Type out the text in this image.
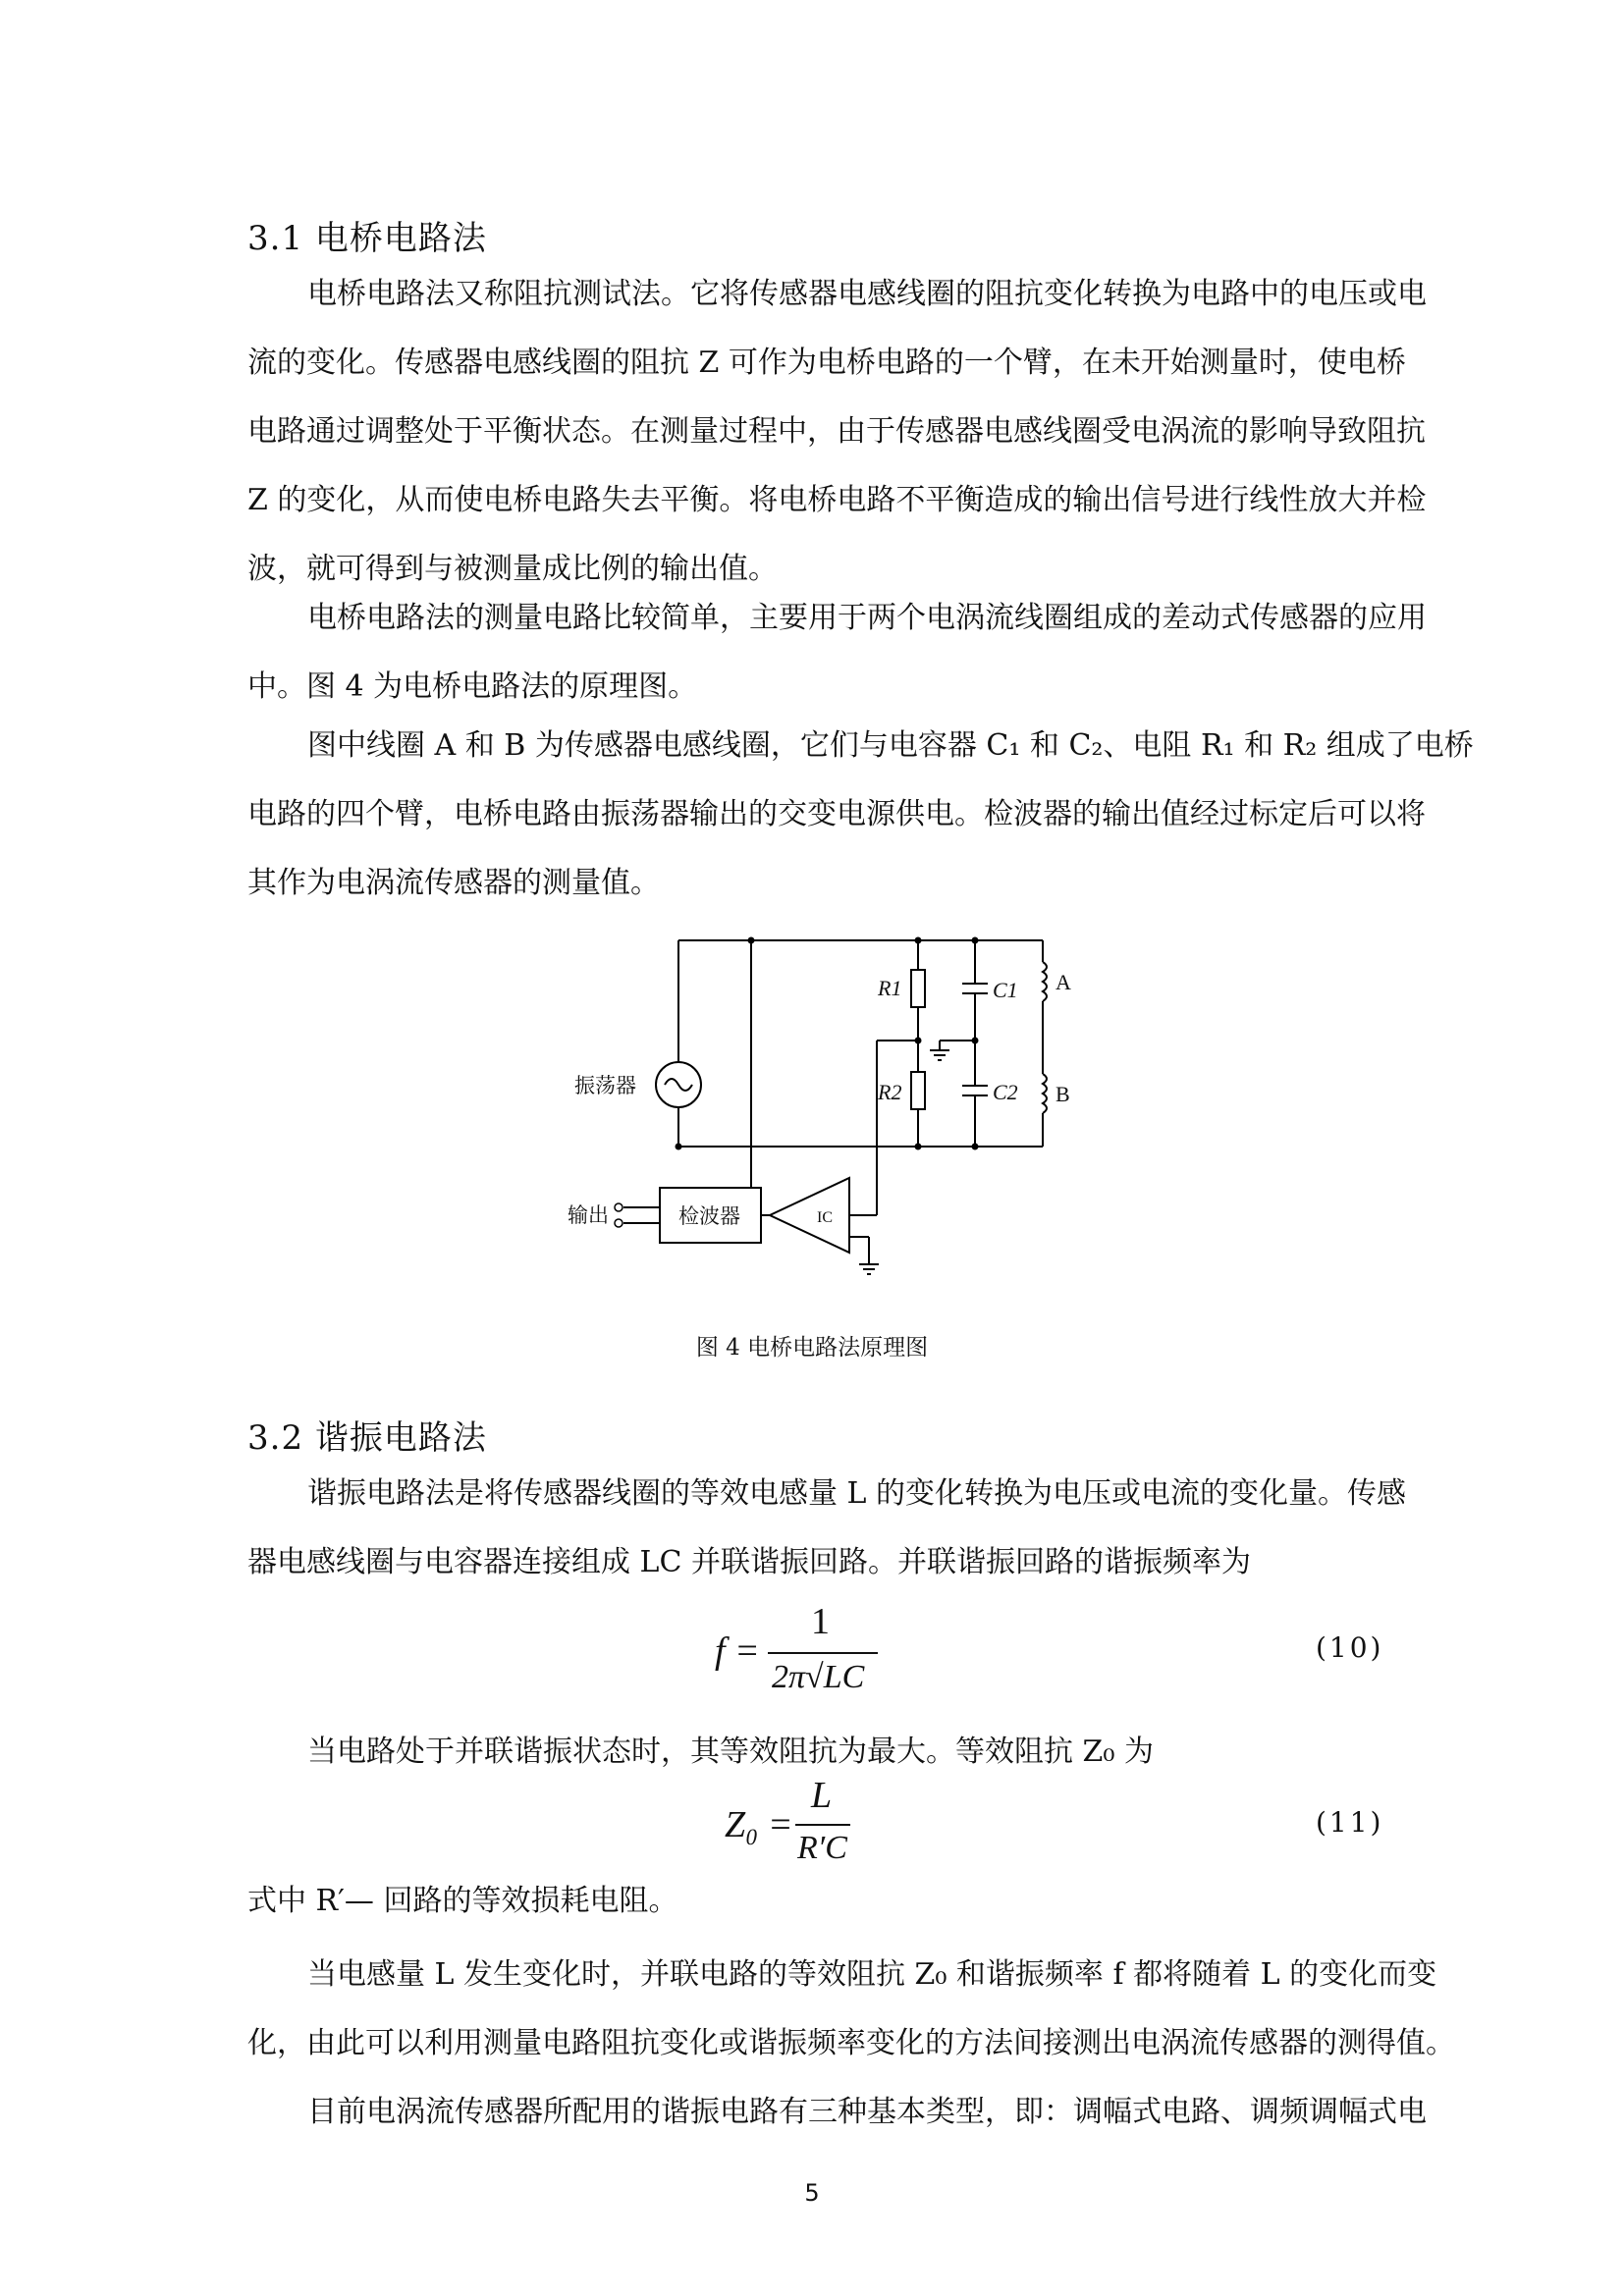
3.1 电桥电路法
电桥电路法又称阻抗测试法。它将传感器电感线圈的阻抗变化转换为电路中的电压或电
流的变化。传感器电感线圈的阻抗 Z 可作为电桥电路的一个臂，在未开始测量时，使电桥
电路通过调整处于平衡状态。在测量过程中，由于传感器电感线圈受电涡流的影响导致阻抗
Z 的变化，从而使电桥电路失去平衡。将电桥电路不平衡造成的输出信号进行线性放大并检
波，就可得到与被测量成比例的输出值。
电桥电路法的测量电路比较简单，主要用于两个电涡流线圈组成的差动式传感器的应用
中。图 4 为电桥电路法的原理图。
图中线圈 A 和 B 为传感器电感线圈，它们与电容器 C₁ 和 C₂、电阻 R₁ 和 R₂ 组成了电桥
电路的四个臂，电桥电路由振荡器输出的交变电源供电。检波器的输出值经过标定后可以将
其作为电涡流传感器的测量值。
振荡器
输出	检波器	IC
R1
R2
C1
C2
A
B
图 4 电桥电路法原理图
3.2 谐振电路法
谐振电路法是将传感器线圈的等效电感量 L 的变化转换为电压或电流的变化量。传感
器电感线圈与电容器连接组成 LC 并联谐振回路。并联谐振回路的谐振频率为
f =
1
2π√LC
(10)
当电路处于并联谐振状态时，其等效阻抗为最大。等效阻抗 Z₀ 为
Z₀ =
L
R′C
(11)
式中 R′— 回路的等效损耗电阻。
当电感量 L 发生变化时，并联电路的等效阻抗 Z₀ 和谐振频率 f 都将随着 L 的变化而变
化，由此可以利用测量电路阻抗变化或谐振频率变化的方法间接测出电涡流传感器的测得值。
目前电涡流传感器所配用的谐振电路有三种基本类型，即：调幅式电路、调频调幅式电
5
